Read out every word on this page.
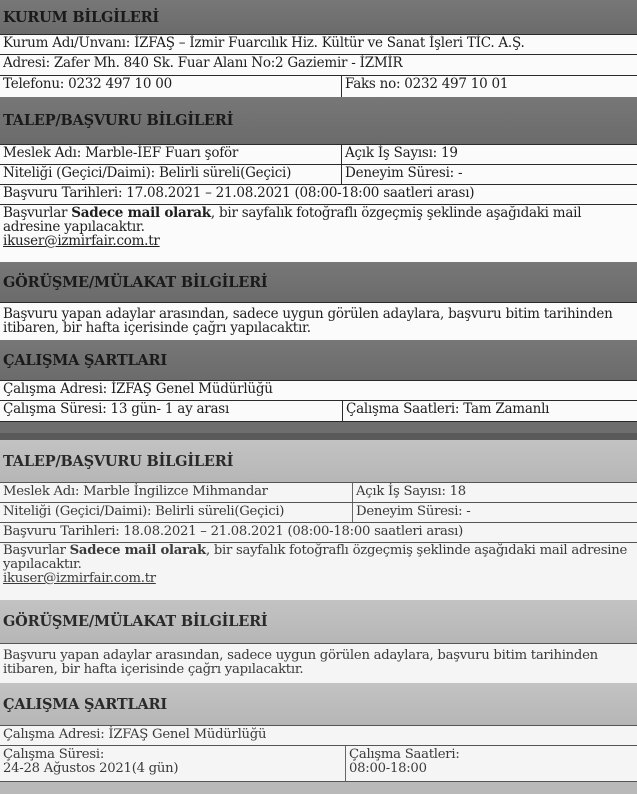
KURUM BİLGİLERİ
Kurum Adı/Unvanı: İZFAŞ – İzmir Fuarcılık Hiz. Kültür ve Sanat İşleri TİC. A.Ş.
Adresi: Zafer Mh. 840 Sk. Fuar Alanı No:2 Gaziemir - İZMİR
Telefonu: 0232 497 10 00	Faks no: 0232 497 10 01
TALEP/BAŞVURU BİLGİLERİ
Meslek Adı: Marble-İEF Fuarı şoför	Açık İş Sayısı: 19
Niteliği (Geçici/Daimi): Belirli süreli(Geçici)	Deneyim Süresi: -
Başvuru Tarihleri: 17.08.2021 – 21.08.2021 (08:00-18:00 saatleri arası)
Başvurlar Sadece mail olarak, bir sayfalık fotoğraflı özgeçmiş şeklinde aşağıdaki mail adresine yapılacaktır.
ikuser@izmirfair.com.tr
GÖRÜŞME/MÜLAKAT BİLGİLERİ
Başvuru yapan adaylar arasından, sadece uygun görülen adaylara, başvuru bitim tarihinden itibaren, bir hafta içerisinde çağrı yapılacaktır.
ÇALIŞMA ŞARTLARI
Çalışma Adresi: İZFAŞ Genel Müdürlüğü
Çalışma Süresi: 13 gün- 1 ay arası	Çalışma Saatleri: Tam Zamanlı
TALEP/BAŞVURU BİLGİLERİ
Meslek Adı: Marble İngilizce Mihmandar	Açık İş Sayısı: 18
Niteliği (Geçici/Daimi): Belirli süreli(Geçici)	Deneyim Süresi: -
Başvuru Tarihleri: 18.08.2021 – 21.08.2021 (08:00-18:00 saatleri arası)
Başvurlar Sadece mail olarak, bir sayfalık fotoğraflı özgeçmiş şeklinde aşağıdaki mail adresine yapılacaktır.
ikuser@izmirfair.com.tr
GÖRÜŞME/MÜLAKAT BİLGİLERİ
Başvuru yapan adaylar arasından, sadece uygun görülen adaylara, başvuru bitim tarihinden itibaren, bir hafta içerisinde çağrı yapılacaktır.
ÇALIŞMA ŞARTLARI
Çalışma Adresi: İZFAŞ Genel Müdürlüğü
Çalışma Süresi:
24-28 Ağustos 2021(4 gün)
Çalışma Saatleri:
08:00-18:00
